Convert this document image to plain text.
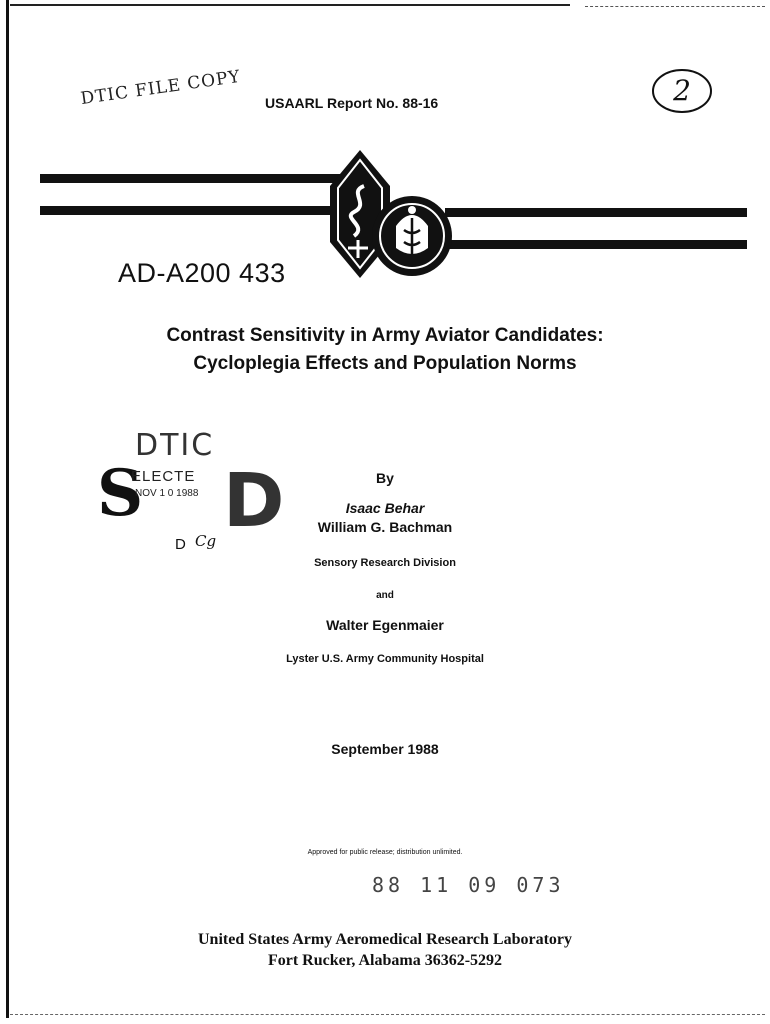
DTIC FILE COPY	2
USAARL Report No. 88-16
AD-A200 433
Contrast Sensitivity in Army Aviator Candidates:
Cycloplegia Effects and Population Norms
DTIC
S
ELECTE
NOV 1 0 1988 D
D Cg
By
Isaac Behar
William G. Bachman
Sensory Research Division
and
Walter Egenmaier
Lyster U.S. Army Community Hospital
September 1988
Approved for public release; distribution unlimited.
88 11 09 073
United States Army Aeromedical Research Laboratory
Fort Rucker, Alabama 36362-5292
